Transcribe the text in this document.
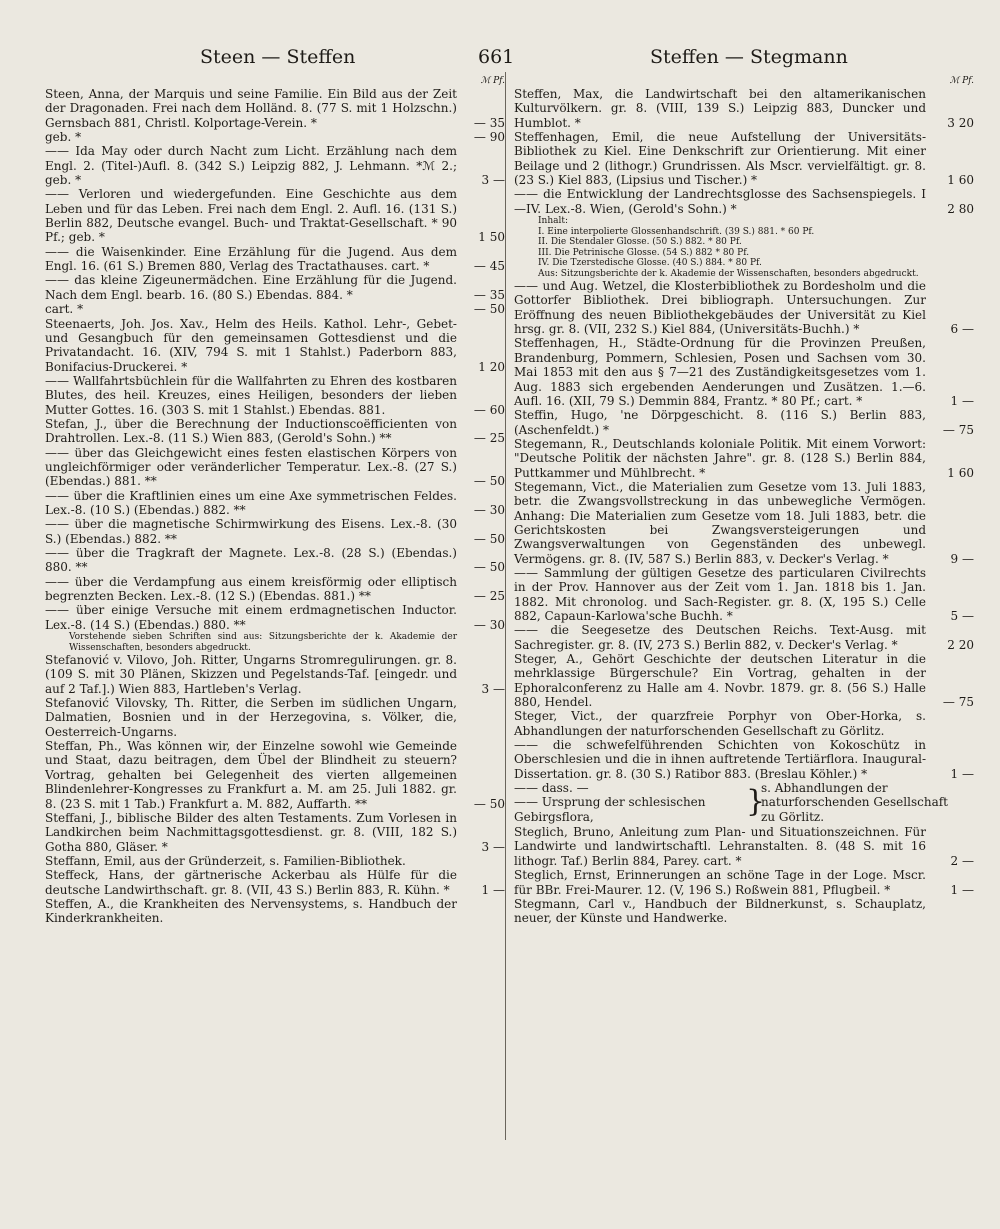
Steen — Steffen	661	Steffen — Stegmann
ℳ Pf.
Steen, Anna, der Marquis und seine Familie. Ein Bild aus der Zeit der Dragonaden. Frei nach dem Holländ. 8. (77 S. mit 1 Holzschn.) Gernsbach 881, Christl. Kolportage-Verein. *	— 35
geb. *	— 90
—— Ida May oder durch Nacht zum Licht. Erzählung nach dem Engl. 2. (Titel-)Aufl. 8. (342 S.) Leipzig 882, J. Lehmann. *ℳ 2.; geb. *	3 —
—— Verloren und wiedergefunden. Eine Geschichte aus dem Leben und für das Leben. Frei nach dem Engl. 2. Aufl. 16. (131 S.) Berlin 882, Deutsche evangel. Buch- und Traktat-Gesellschaft. * 90 Pf.; geb. *	1 50
—— die Waisenkinder. Eine Erzählung für die Jugend. Aus dem Engl. 16. (61 S.) Bremen 880, Verlag des Tractathauses. cart. *	— 45
—— das kleine Zigeunermädchen. Eine Erzählung für die Jugend. Nach dem Engl. bearb. 16. (80 S.) Ebendas. 884. *	— 35
cart. *	— 50
Steenaerts, Joh. Jos. Xav., Helm des Heils. Kathol. Lehr-, Gebet- und Gesangbuch für den gemeinsamen Gottesdienst und die Privatandacht. 16. (XIV, 794 S. mit 1 Stahlst.) Paderborn 883, Bonifacius-Druckerei. *	1 20
—— Wallfahrtsbüchlein für die Wallfahrten zu Ehren des kostbaren Blutes, des heil. Kreuzes, eines Heiligen, besonders der lieben Mutter Gottes. 16. (303 S. mit 1 Stahlst.) Ebendas. 881.	— 60
Stefan, J., über die Berechnung der Inductionscoëfficienten von Drahtrollen. Lex.-8. (11 S.) Wien 883, (Gerold's Sohn.) **	— 25
—— über das Gleichgewicht eines festen elastischen Körpers von ungleichförmiger oder veränderlicher Temperatur. Lex.-8. (27 S.) (Ebendas.) 881. **	— 50
—— über die Kraftlinien eines um eine Axe symmetrischen Feldes. Lex.-8. (10 S.) (Ebendas.) 882. **	— 30
—— über die magnetische Schirmwirkung des Eisens. Lex.-8. (30 S.) (Ebendas.) 882. **	— 50
—— über die Tragkraft der Magnete. Lex.-8. (28 S.) (Ebendas.) 880. **	— 50
—— über die Verdampfung aus einem kreisförmig oder elliptisch begrenzten Becken. Lex.-8. (12 S.) (Ebendas. 881.) **	— 25
—— über einige Versuche mit einem erdmagnetischen Inductor. Lex.-8. (14 S.) (Ebendas.) 880. **	— 30
Vorstehende sieben Schriften sind aus: Sitzungsberichte der k. Akademie der Wissenschaften, besonders abgedruckt.
Stefanović v. Vilovo, Joh. Ritter, Ungarns Stromregulirungen. gr. 8. (109 S. mit 30 Plänen, Skizzen und Pegelstands-Taf. [eingedr. und auf 2 Taf.].) Wien 883, Hartleben's Verlag.	3 —
Stefanović Vilovsky, Th. Ritter, die Serben im südlichen Ungarn, Dalmatien, Bosnien und in der Herzegovina, s. Völker, die, Oesterreich-Ungarns.
Steffan, Ph., Was können wir, der Einzelne sowohl wie Gemeinde und Staat, dazu beitragen, dem Übel der Blindheit zu steuern? Vortrag, gehalten bei Gelegenheit des vierten allgemeinen Blindenlehrer-Kongresses zu Frankfurt a. M. am 25. Juli 1882. gr. 8. (23 S. mit 1 Tab.) Frankfurt a. M. 882, Auffarth. **	— 50
Steffani, J., biblische Bilder des alten Testaments. Zum Vorlesen in Landkirchen beim Nachmittagsgottesdienst. gr. 8. (VIII, 182 S.) Gotha 880, Gläser. *	3 —
Steffann, Emil, aus der Gründerzeit, s. Familien-Bibliothek.
Steffeck, Hans, der gärtnerische Ackerbau als Hülfe für die deutsche Landwirthschaft. gr. 8. (VII, 43 S.) Berlin 883, R. Kühn. *	1 —
Steffen, A., die Krankheiten des Nervensystems, s. Handbuch der Kinderkrankheiten.
ℳ Pf.
Steffen, Max, die Landwirtschaft bei den altamerikanischen Kulturvölkern. gr. 8. (VIII, 139 S.) Leipzig 883, Duncker und Humblot. *	3 20
Steffenhagen, Emil, die neue Aufstellung der Universitäts-Bibliothek zu Kiel. Eine Denkschrift zur Orientierung. Mit einer Beilage und 2 (lithogr.) Grundrissen. Als Mscr. vervielfältigt. gr. 8. (23 S.) Kiel 883, (Lipsius und Tischer.) *	1 60
—— die Entwicklung der Landrechtsglosse des Sachsenspiegels. I—IV. Lex.-8. Wien, (Gerold's Sohn.) *	2 80
Inhalt:
I. Eine interpolierte Glossenhandschrift. (39 S.) 881. * 60 Pf.
II. Die Stendaler Glosse. (50 S.) 882. * 80 Pf.
III. Die Petrinische Glosse. (54 S.) 882 * 80 Pf.
IV. Die Tzerstedische Glosse. (40 S.) 884. * 80 Pf.
Aus: Sitzungsberichte der k. Akademie der Wissenschaften, besonders abgedruckt.
—— und Aug. Wetzel, die Klosterbibliothek zu Bordesholm und die Gottorfer Bibliothek. Drei bibliograph. Untersuchungen. Zur Eröffnung des neuen Bibliothekgebäudes der Universität zu Kiel hrsg. gr. 8. (VII, 232 S.) Kiel 884, (Universitäts-Buchh.) *	6 —
Steffenhagen, H., Städte-Ordnung für die Provinzen Preußen, Brandenburg, Pommern, Schlesien, Posen und Sachsen vom 30. Mai 1853 mit den aus § 7—21 des Zuständigkeitsgesetzes vom 1. Aug. 1883 sich ergebenden Aenderungen und Zusätzen. 1.—6. Aufl. 16. (XII, 79 S.) Demmin 884, Frantz. * 80 Pf.; cart. *	1 —
Steffin, Hugo, 'ne Dörpgeschicht. 8. (116 S.) Berlin 883, (Aschenfeldt.) *	— 75
Stegemann, R., Deutschlands koloniale Politik. Mit einem Vorwort: "Deutsche Politik der nächsten Jahre". gr. 8. (128 S.) Berlin 884, Puttkammer und Mühlbrecht. *	1 60
Stegemann, Vict., die Materialien zum Gesetze vom 13. Juli 1883, betr. die Zwangsvollstreckung in das unbewegliche Vermögen. Anhang: Die Materialien zum Gesetze vom 18. Juli 1883, betr. die Gerichtskosten bei Zwangsversteigerungen und Zwangsverwaltungen von Gegenständen des unbewegl. Vermögens. gr. 8. (IV, 587 S.) Berlin 883, v. Decker's Verlag. *	9 —
—— Sammlung der gültigen Gesetze des particularen Civilrechts in der Prov. Hannover aus der Zeit vom 1. Jan. 1818 bis 1. Jan. 1882. Mit chronolog. und Sach-Register. gr. 8. (X, 195 S.) Celle 882, Capaun-Karlowa'sche Buchh. *	5 —
—— die Seegesetze des Deutschen Reichs. Text-Ausg. mit Sachregister. gr. 8. (IV, 273 S.) Berlin 882, v. Decker's Verlag. *	2 20
Steger, A., Gehört Geschichte der deutschen Literatur in die mehrklassige Bürgerschule? Ein Vortrag, gehalten in der Ephoralconferenz zu Halle am 4. Novbr. 1879. gr. 8. (56 S.) Halle 880, Hendel.	— 75
Steger, Vict., der quarzfreie Porphyr von Ober-Horka, s. Abhandlungen der naturforschenden Gesellschaft zu Görlitz.
—— die schwefelführenden Schichten von Kokoschütz in Oberschlesien und die in ihnen auftretende Tertiärflora. Inaugural-Dissertation. gr. 8. (30 S.) Ratibor 883. (Breslau Köhler.) *	1 —
—— dass. —
—— Ursprung der schlesischen Gebirgsflora,	}
s. Abhandlungen der naturforschenden Gesellschaft zu Görlitz.
Steglich, Bruno, Anleitung zum Plan- und Situationszeichnen. Für Landwirte und landwirtschaftl. Lehranstalten. 8. (48 S. mit 16 lithogr. Taf.) Berlin 884, Parey. cart. *	2 —
Steglich, Ernst, Erinnerungen an schöne Tage in der Loge. Mscr. für BBr. Frei-Maurer. 12. (V, 196 S.) Roßwein 881, Pflugbeil. *	1 —
Stegmann, Carl v., Handbuch der Bildnerkunst, s. Schauplatz, neuer, der Künste und Handwerke.
